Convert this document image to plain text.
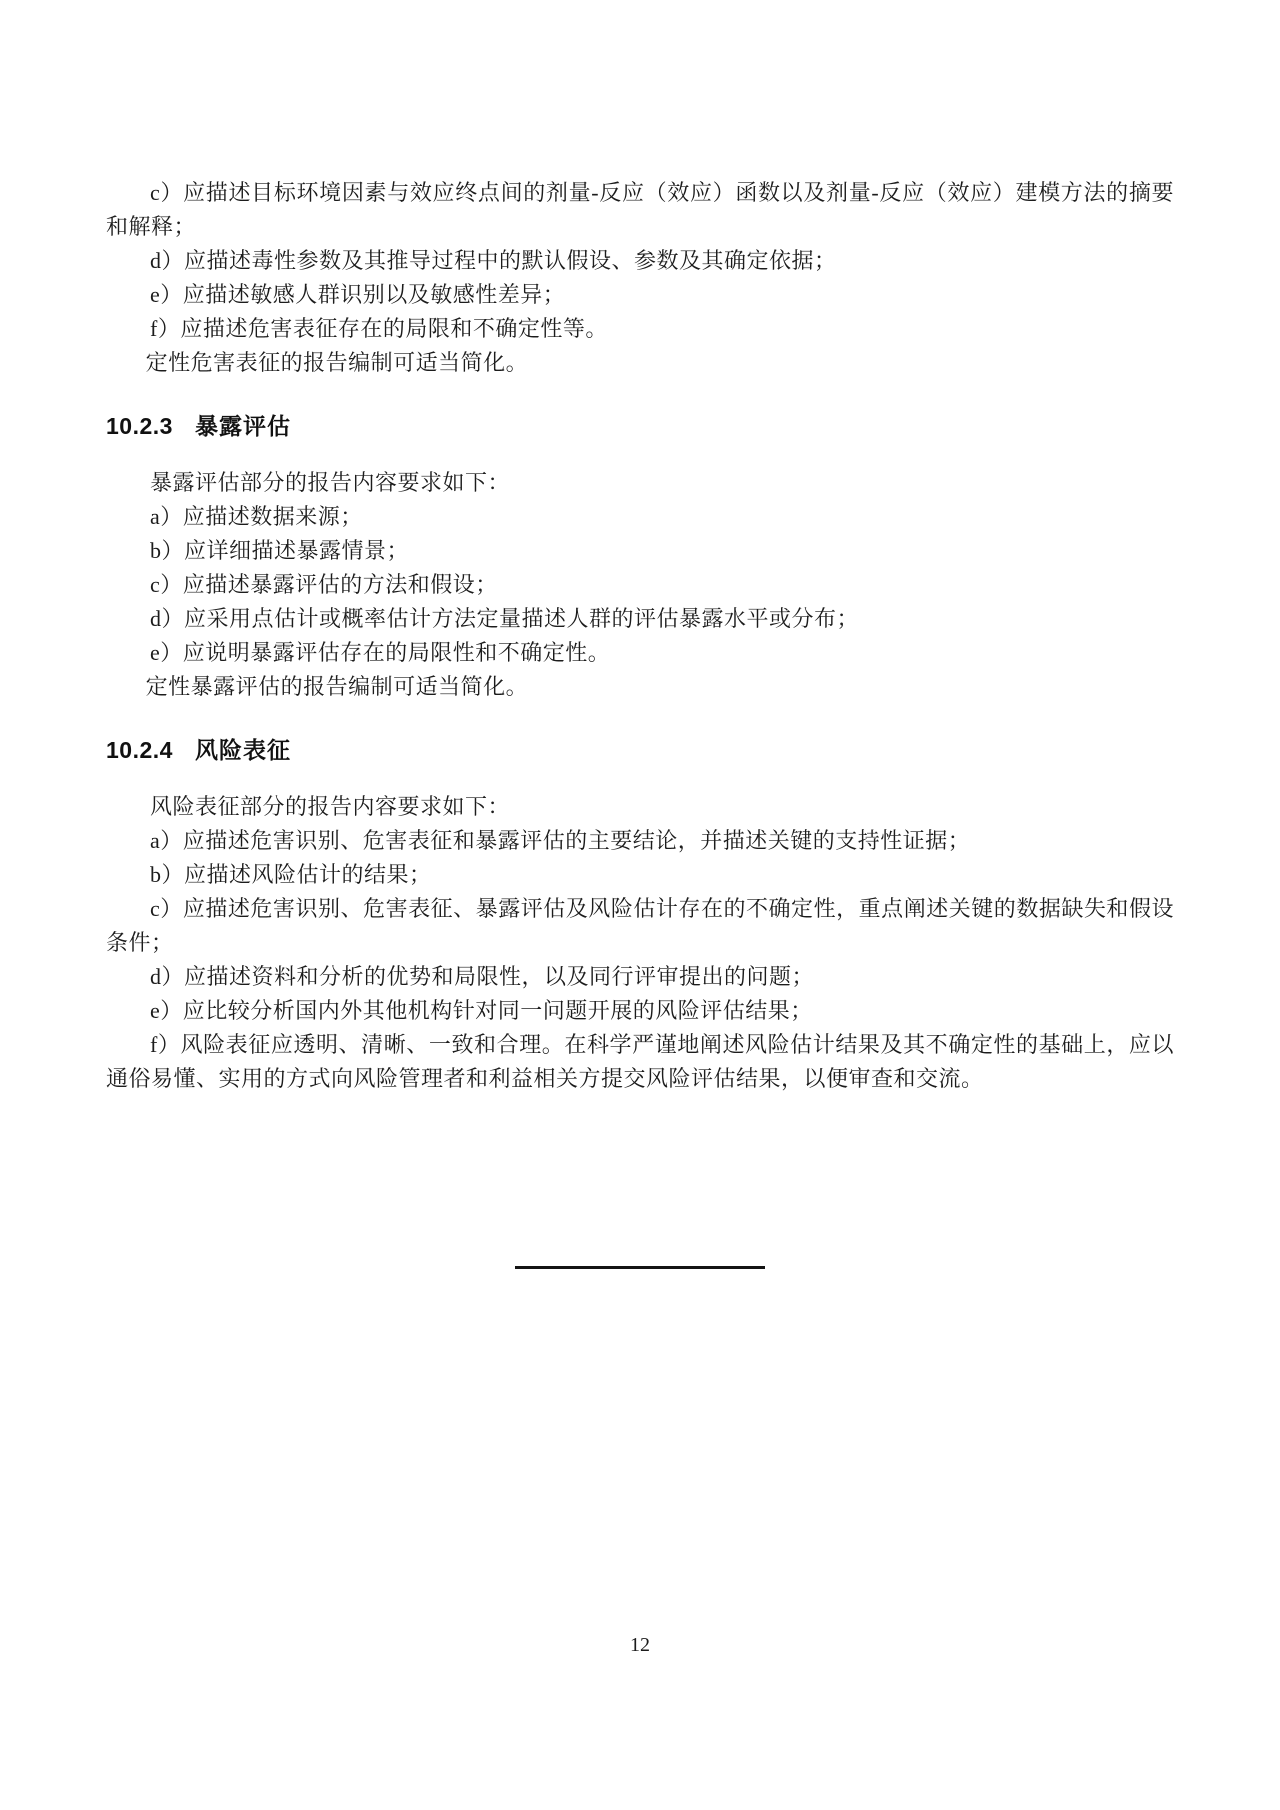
c）应描述目标环境因素与效应终点间的剂量-反应（效应）函数以及剂量-反应（效应）建模方法的摘要和解释；

d）应描述毒性参数及其推导过程中的默认假设、参数及其确定依据；

e）应描述敏感人群识别以及敏感性差异；

f）应描述危害表征存在的局限和不确定性等。

定性危害表征的报告编制可适当简化。

10.2.3 暴露评估

暴露评估部分的报告内容要求如下：

a）应描述数据来源；

b）应详细描述暴露情景；

c）应描述暴露评估的方法和假设；

d）应采用点估计或概率估计方法定量描述人群的评估暴露水平或分布；

e）应说明暴露评估存在的局限性和不确定性。

定性暴露评估的报告编制可适当简化。

10.2.4 风险表征

风险表征部分的报告内容要求如下：

a）应描述危害识别、危害表征和暴露评估的主要结论，并描述关键的支持性证据；

b）应描述风险估计的结果；

c）应描述危害识别、危害表征、暴露评估及风险估计存在的不确定性，重点阐述关键的数据缺失和假设条件；

d）应描述资料和分析的优势和局限性，以及同行评审提出的问题；

e）应比较分析国内外其他机构针对同一问题开展的风险评估结果；

f）风险表征应透明、清晰、一致和合理。在科学严谨地阐述风险估计结果及其不确定性的基础上，应以通俗易懂、实用的方式向风险管理者和利益相关方提交风险评估结果，以便审查和交流。

12
